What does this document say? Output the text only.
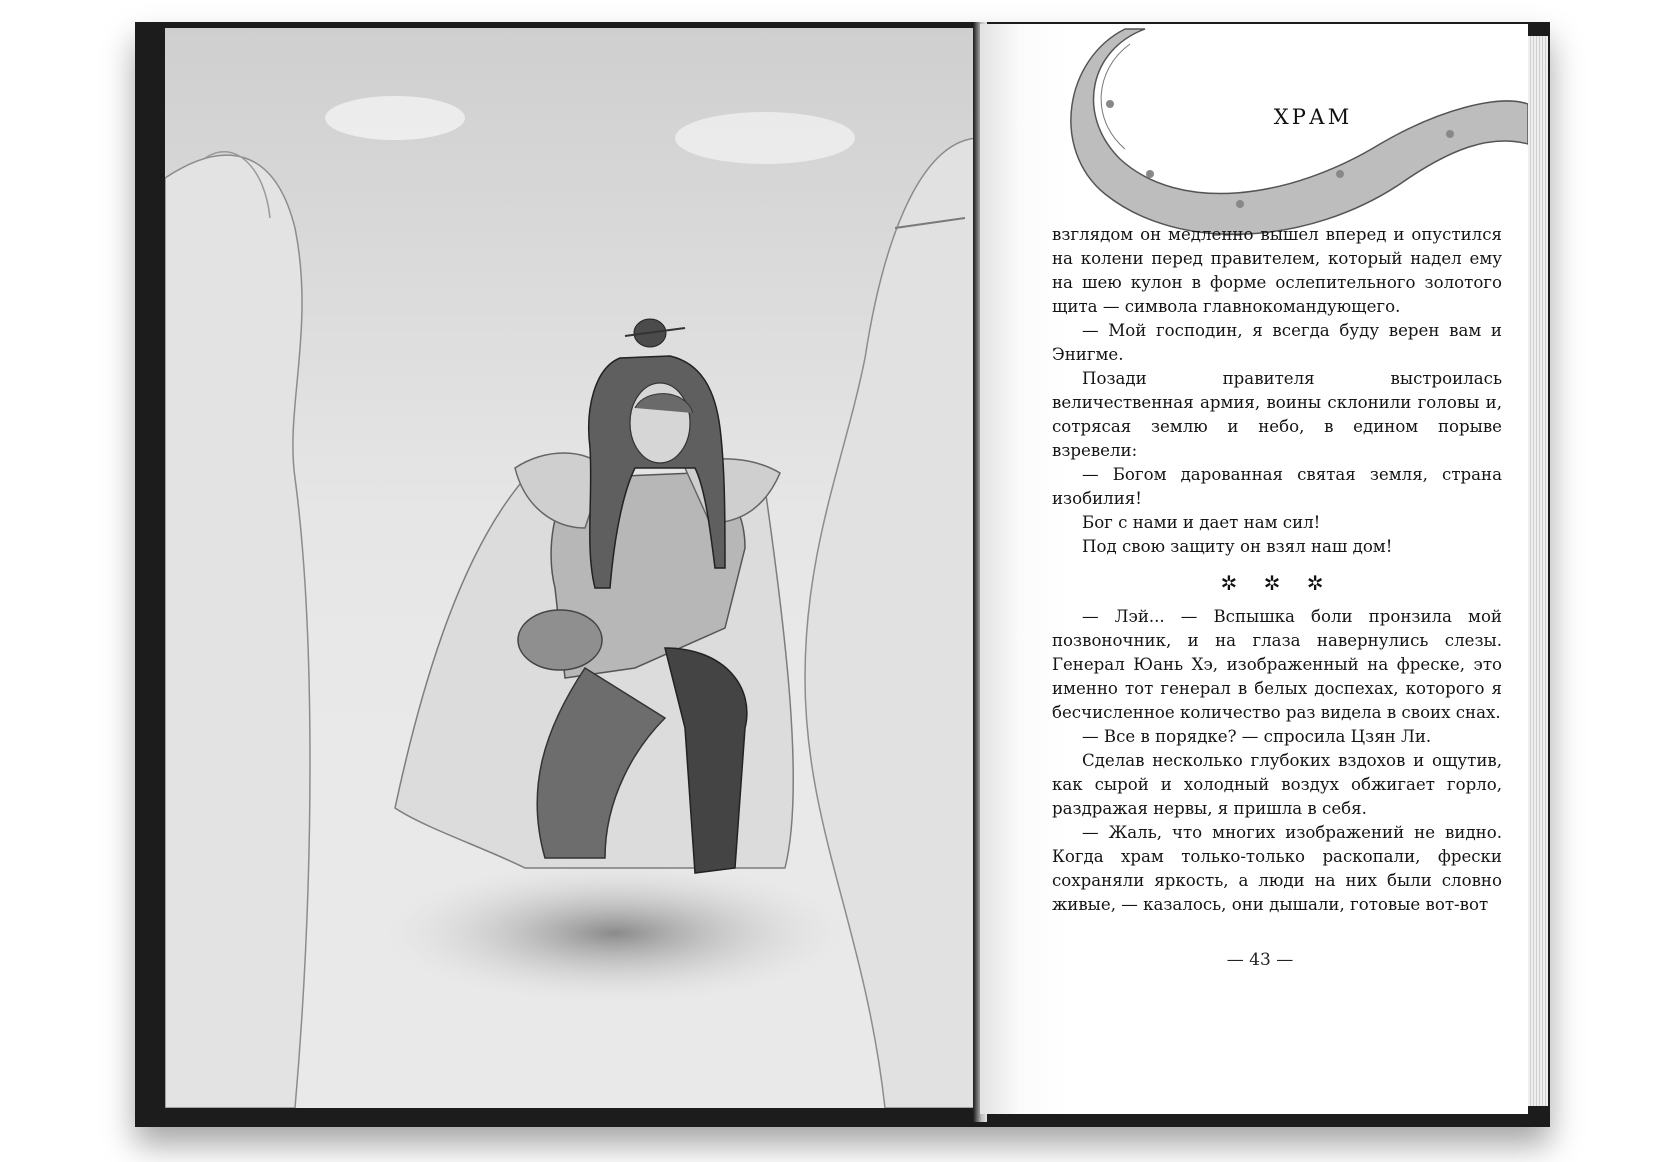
ХРАМ

взглядом он медленно вышел вперед и опустился на колени перед правителем, который надел ему на шею кулон в форме ослепительного золотого щита — символа главнокомандующего.

— Мой господин, я всегда буду верен вам и Энигме.

Позади правителя выстроилась величественная армия, воины склонили головы и, сотрясая землю и небо, в едином порыве взревели:

— Богом дарованная святая земля, страна изобилия!

Бог с нами и дает нам сил!

Под свою защиту он взял наш дом!

✲ ✲ ✲

— Лэй... — Вспышка боли пронзила мой позвоночник, и на глаза навернулись слезы. Генерал Юань Хэ, изображенный на фреске, это именно тот генерал в белых доспехах, которого я бесчисленное количество раз видела в своих снах.

— Все в порядке? — спросила Цзян Ли.

Сделав несколько глубоких вздохов и ощутив, как сырой и холодный воздух обжигает горло, раздражая нервы, я пришла в себя.

— Жаль, что многих изображений не видно. Когда храм только-только раскопали, фрески сохраняли яркость, а люди на них были словно живые, — казалось, они дышали, готовые вот-вот

— 43 —
